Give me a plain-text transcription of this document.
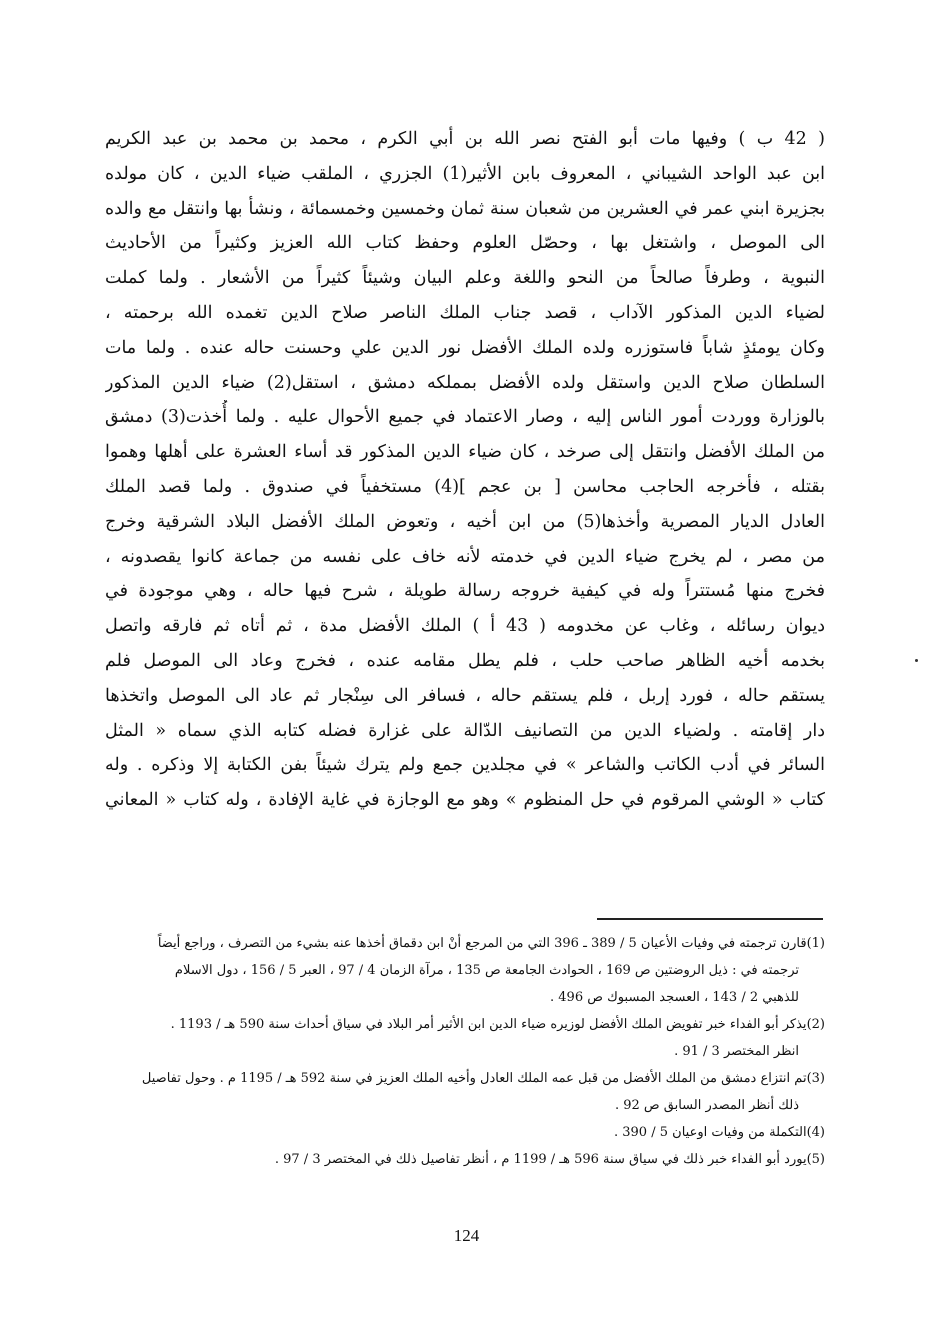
( 42 ب ) وفيها مات أبو الفتح نصر الله بن أبي الكرم ، محمد بن محمد بن عبد الكريم
ابن عبد الواحد الشيباني ، المعروف بابن الأثير(1) الجزري ، الملقب ضياء الدين ، كان مولده
بجزيرة ابني عمر في العشرين من شعبان سنة ثمان وخمسين وخمسمائة ، ونشأ بها وانتقل مع والده
الى الموصل ، واشتغل بها ، وحصّل العلوم وحفظ كتاب الله العزيز وكثيراً من الأحاديث
النبوية ، وطرفاً صالحاً من النحو واللغة وعلم البيان وشيئاً كثيراً من الأشعار . ولما كملت
لضياء الدين المذكور الآداب ، قصد جناب الملك الناصر صلاح الدين تغمده الله برحمته ،
وكان يومئذٍ شاباً فاستوزره ولده الملك الأفضل نور الدين علي وحسنت حاله عنده . ولما مات
السلطان صلاح الدين واستقل ولده الأفضل بمملكه دمشق ، استقل(2) ضياء الدين المذكور
بالوزارة ووردت أمور الناس إليه ، وصار الاعتماد في جميع الأحوال عليه . ولما أُخذت(3) دمشق
من الملك الأفضل وانتقل إلى صرخد ، كان ضياء الدين المذكور قد أساء العشرة على أهلها وهموا
بقتله ، فأخرجه الحاجب محاسن [ بن عجم ](4) مستخفياً في صندوق . ولما قصد الملك
العادل الديار المصرية وأخذها(5) من ابن أخيه ، وتعوض الملك الأفضل البلاد الشرقية وخرج
من مصر ، لم يخرج ضياء الدين في خدمته لأنه خاف على نفسه من جماعة كانوا يقصدونه ،
فخرج منها مُستتراً وله في كيفية خروجه رسالة طويلة ، شرح فيها حاله ، وهي موجودة في
ديوان رسائله ، وغاب عن مخدومه ( 43 أ ) الملك الأفضل مدة ، ثم أتاه ثم فارقه واتصل
بخدمه أخيه الظاهر صاحب حلب ، فلم يطل مقامه عنده ، فخرج وعاد الى الموصل فلم
يستقم حاله ، فورد إربل ، فلم يستقم حاله ، فسافر الى سِنْجار ثم عاد الى الموصل واتخذها
دار إقامته . ولضياء الدين من التصانيف الدّالة على غزارة فضله كتابه الذي سماه « المثل
السائر في أدب الكاتب والشاعر » في مجلدين جمع ولم يترك شيئاً بفن الكتابة إلا وذكره . وله
كتاب « الوشي المرقوم في حل المنظوم » وهو مع الوجازة في غاية الإفادة ، وله كتاب « المعاني
(1)قارن ترجمته في وفيات الأعيان 5 / 389 ـ 396 التي من المرجع أنْ ابن دقماق أخذها عنه بشيء من التصرف ، وراجع أيضاً
ترجمته في : ذيل الروضتين ص 169 ، الحوادث الجامعة ص 135 ، مرآة الزمان 4 / 97 ، العبر 5 / 156 ، دول الاسلام
للذهبي 2 / 143 ، العسجد المسبوك ص 496 .
(2)يذكر أبو الفداء خبر تفويض الملك الأفضل لوزيره ضياء الدين ابن الأثير أمر البلاد في سياق أحداث سنة 590 هـ / 1193 .
انظر المختصر 3 / 91 .
(3)تم انتزاع دمشق من الملك الأفضل من قبل عمه الملك العادل وأخيه الملك العزيز في سنة 592 هـ / 1195 م . وحول تفاصيل
ذلك أنظر المصدر السابق ص 92 .
(4)التكملة من وفيات اوعيان 5 / 390 .
(5)يورد أبو الفداء خبر ذلك في سياق سنة 596 هـ / 1199 م ، أنظر تفاصيل ذلك في المختصر 3 / 97 .
124
